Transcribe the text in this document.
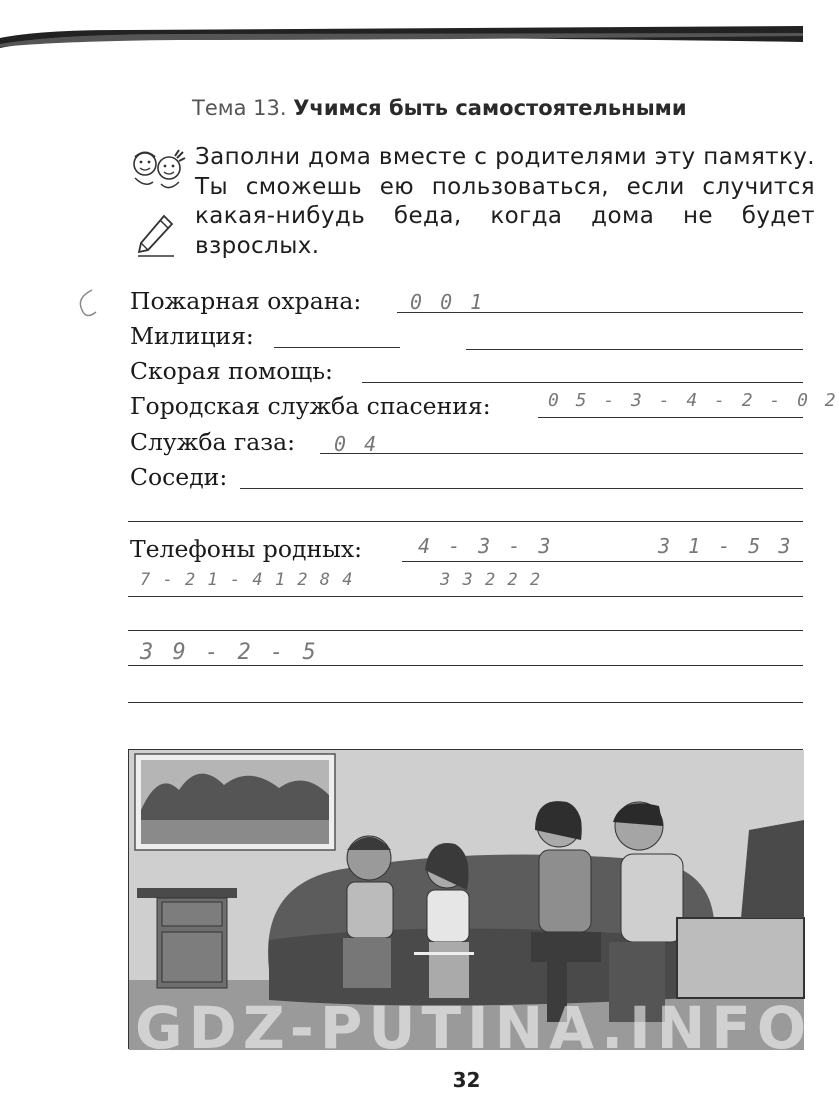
Тема 13. Учимся быть самостоятельными
Заполни дома вместе с родителями эту памятку. Ты сможешь ею пользоваться, если случится какая-нибудь беда, когда дома не будет взрослых.
Пожарная охрана: 0 0 1
Милиция:
Скорая помощь:
Городская служба спасения:	0 5 - 3 - 4 - 2 - 0 2
Служба газа: 0 4
Соседи:
Телефоны родных:	4 - 3 - 3	3 1 - 5 3
7 - 2 1 - 4 1 2 8 4	3 3 2 2 2
3 9 - 2 - 5
GDZ-PUTINA.INFO
32
